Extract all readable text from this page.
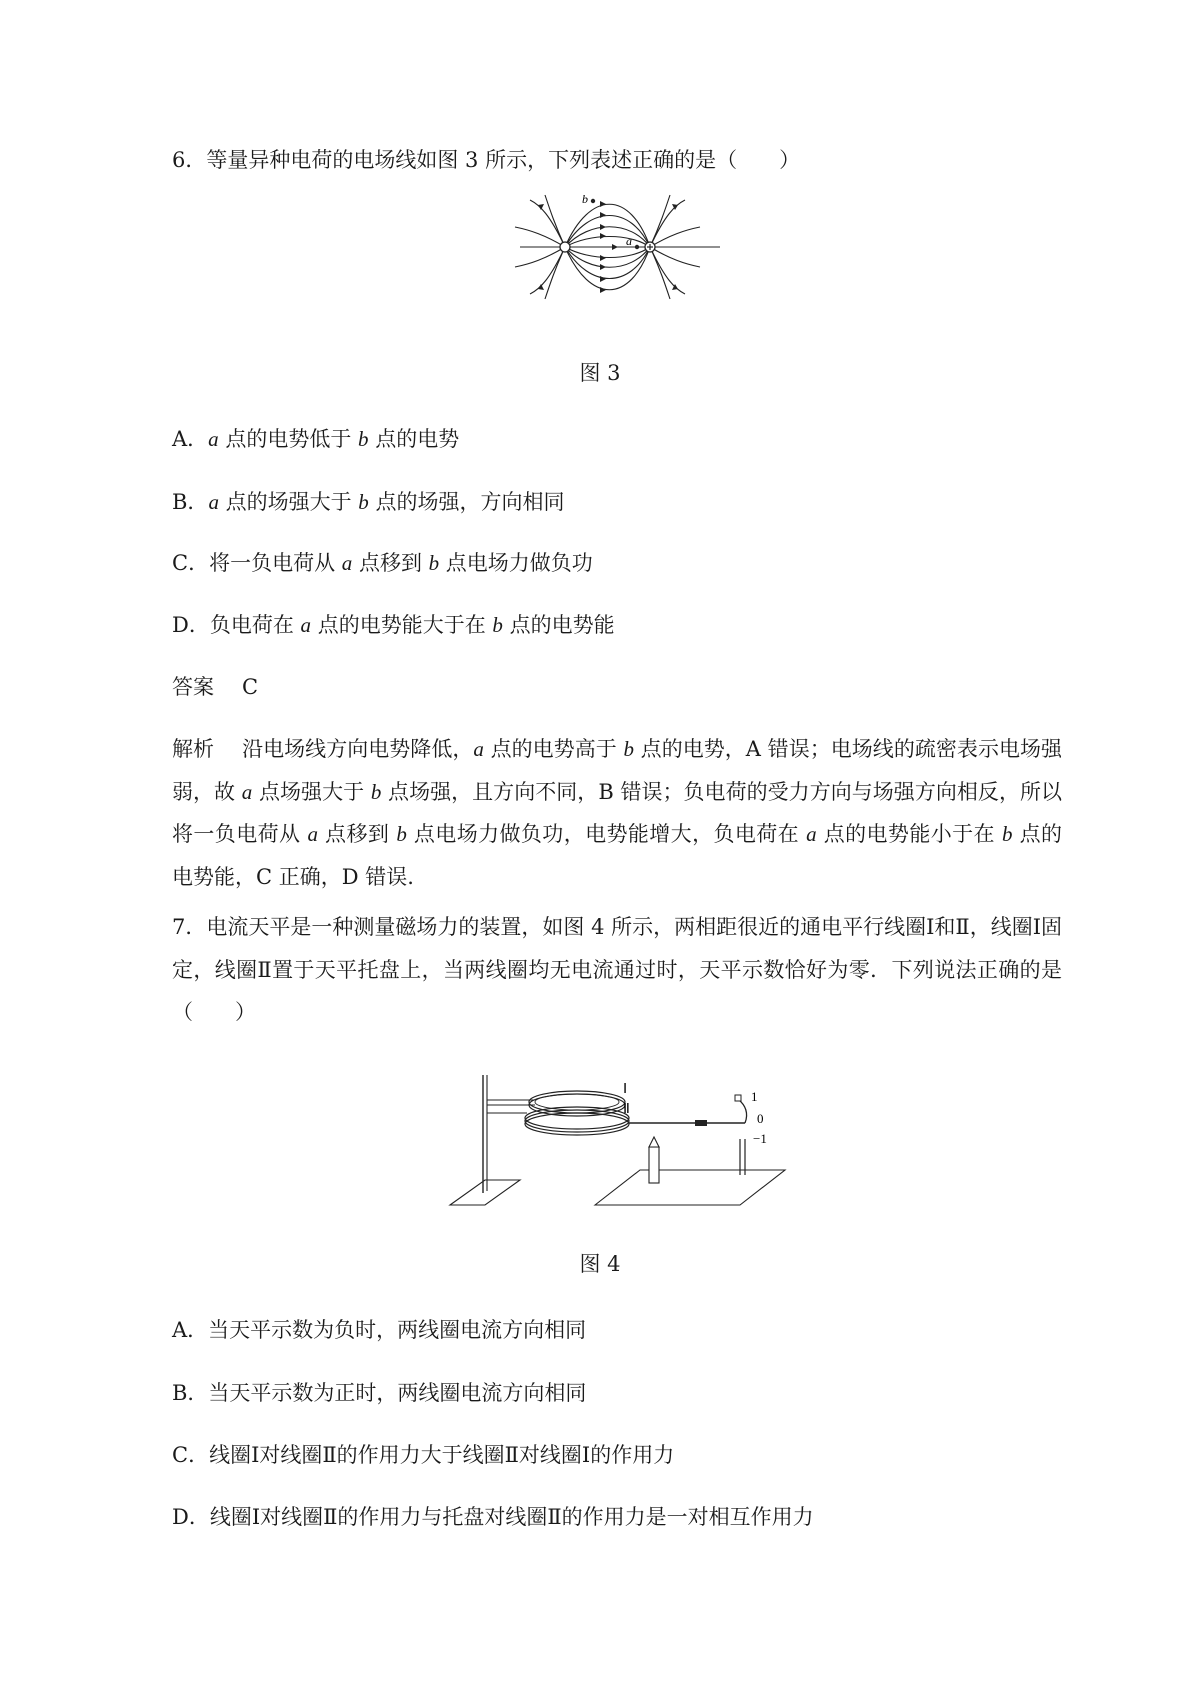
6．等量异种电荷的电场线如图 3 所示，下列表述正确的是（　　）
b
a
图 3
A．a 点的电势低于 b 点的电势
B．a 点的场强大于 b 点的场强，方向相同
C．将一负电荷从 a 点移到 b 点电场力做负功
D．负电荷在 a 点的电势能大于在 b 点的电势能
答案 C
解析 沿电场线方向电势降低，a 点的电势高于 b 点的电势，A 错误；电场线的疏密表示电场强弱，故 a 点场强大于 b 点场强，且方向不同，B 错误；负电荷的受力方向与场强方向相反，所以将一负电荷从 a 点移到 b 点电场力做负功，电势能增大，负电荷在 a 点的电势能小于在 b 点的电势能，C 正确，D 错误.
7．电流天平是一种测量磁场力的装置，如图 4 所示，两相距很近的通电平行线圈Ⅰ和Ⅱ，线圈Ⅰ固定，线圈Ⅱ置于天平托盘上，当两线圈均无电流通过时，天平示数恰好为零．下列说法正确的是（　　）
Ⅰ
Ⅱ
1
0
−1
图 4
A．当天平示数为负时，两线圈电流方向相同
B．当天平示数为正时，两线圈电流方向相同
C．线圈Ⅰ对线圈Ⅱ的作用力大于线圈Ⅱ对线圈Ⅰ的作用力
D．线圈Ⅰ对线圈Ⅱ的作用力与托盘对线圈Ⅱ的作用力是一对相互作用力
